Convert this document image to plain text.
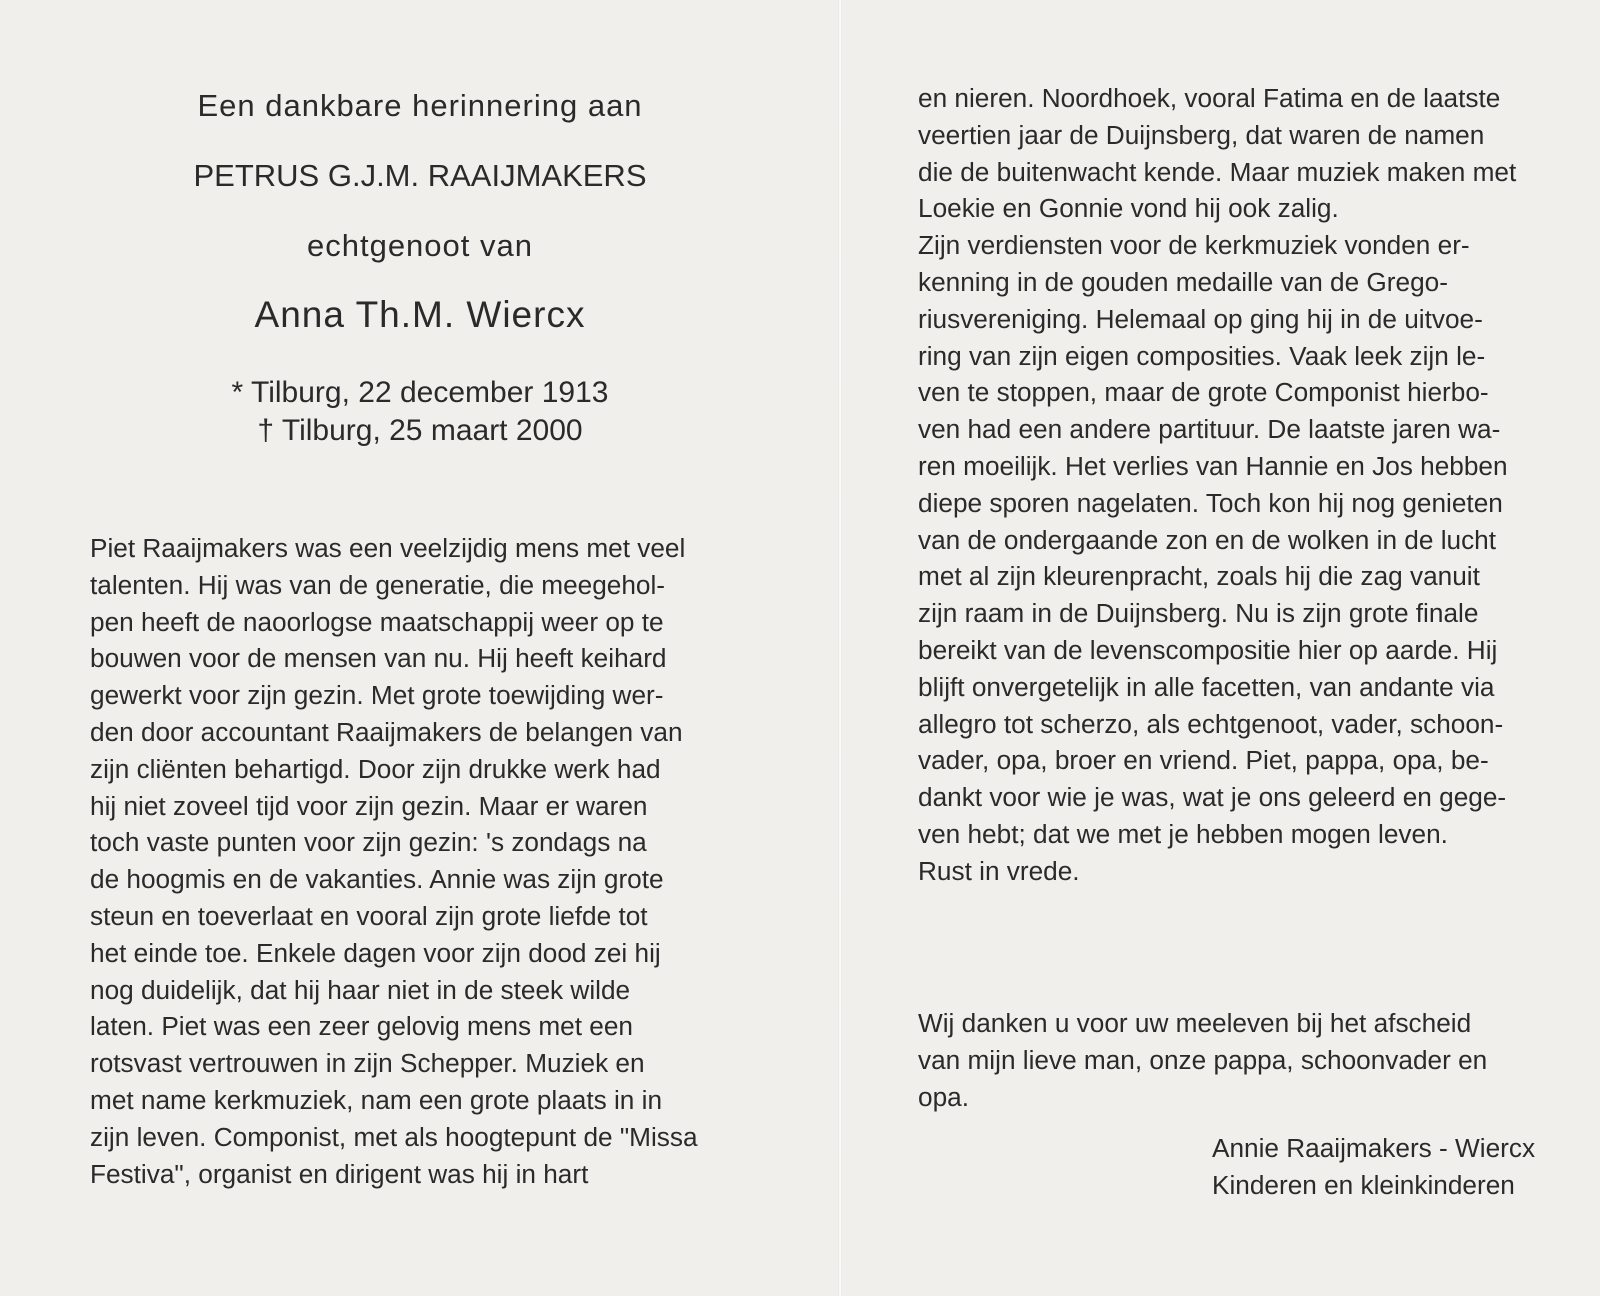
Een dankbare herinnering aan
PETRUS G.J.M. RAAIJMAKERS
echtgenoot van
Anna Th.M. Wiercx
* Tilburg, 22 december 1913
† Tilburg, 25 maart 2000
Piet Raaijmakers was een veelzijdig mens met veel
talenten. Hij was van de generatie, die meegehol-
pen heeft de naoorlogse maatschappij weer op te
bouwen voor de mensen van nu. Hij heeft keihard
gewerkt voor zijn gezin. Met grote toewijding wer-
den door accountant Raaijmakers de belangen van
zijn cliënten behartigd. Door zijn drukke werk had
hij niet zoveel tijd voor zijn gezin. Maar er waren
toch vaste punten voor zijn gezin: 's zondags na
de hoogmis en de vakanties. Annie was zijn grote
steun en toeverlaat en vooral zijn grote liefde tot
het einde toe. Enkele dagen voor zijn dood zei hij
nog duidelijk, dat hij haar niet in de steek wilde
laten. Piet was een zeer gelovig mens met een
rotsvast vertrouwen in zijn Schepper. Muziek en
met name kerkmuziek, nam een grote plaats in in
zijn leven. Componist, met als hoogtepunt de "Missa
Festiva", organist en dirigent was hij in hart
en nieren. Noordhoek, vooral Fatima en de laatste
veertien jaar de Duijnsberg, dat waren de namen
die de buitenwacht kende. Maar muziek maken met
Loekie en Gonnie vond hij ook zalig.
Zijn verdiensten voor de kerkmuziek vonden er-
kenning in de gouden medaille van de Grego-
riusvereniging. Helemaal op ging hij in de uitvoe-
ring van zijn eigen composities. Vaak leek zijn le-
ven te stoppen, maar de grote Componist hierbo-
ven had een andere partituur. De laatste jaren wa-
ren moeilijk. Het verlies van Hannie en Jos hebben
diepe sporen nagelaten. Toch kon hij nog genieten
van de ondergaande zon en de wolken in de lucht
met al zijn kleurenpracht, zoals hij die zag vanuit
zijn raam in de Duijnsberg. Nu is zijn grote finale
bereikt van de levenscompositie hier op aarde. Hij
blijft onvergetelijk in alle facetten, van andante via
allegro tot scherzo, als echtgenoot, vader, schoon-
vader, opa, broer en vriend. Piet, pappa, opa, be-
dankt voor wie je was, wat je ons geleerd en gege-
ven hebt; dat we met je hebben mogen leven.
Rust in vrede.
Wij danken u voor uw meeleven bij het afscheid
van mijn lieve man, onze pappa, schoonvader en
opa.
Annie Raaijmakers - Wiercx
Kinderen en kleinkinderen
